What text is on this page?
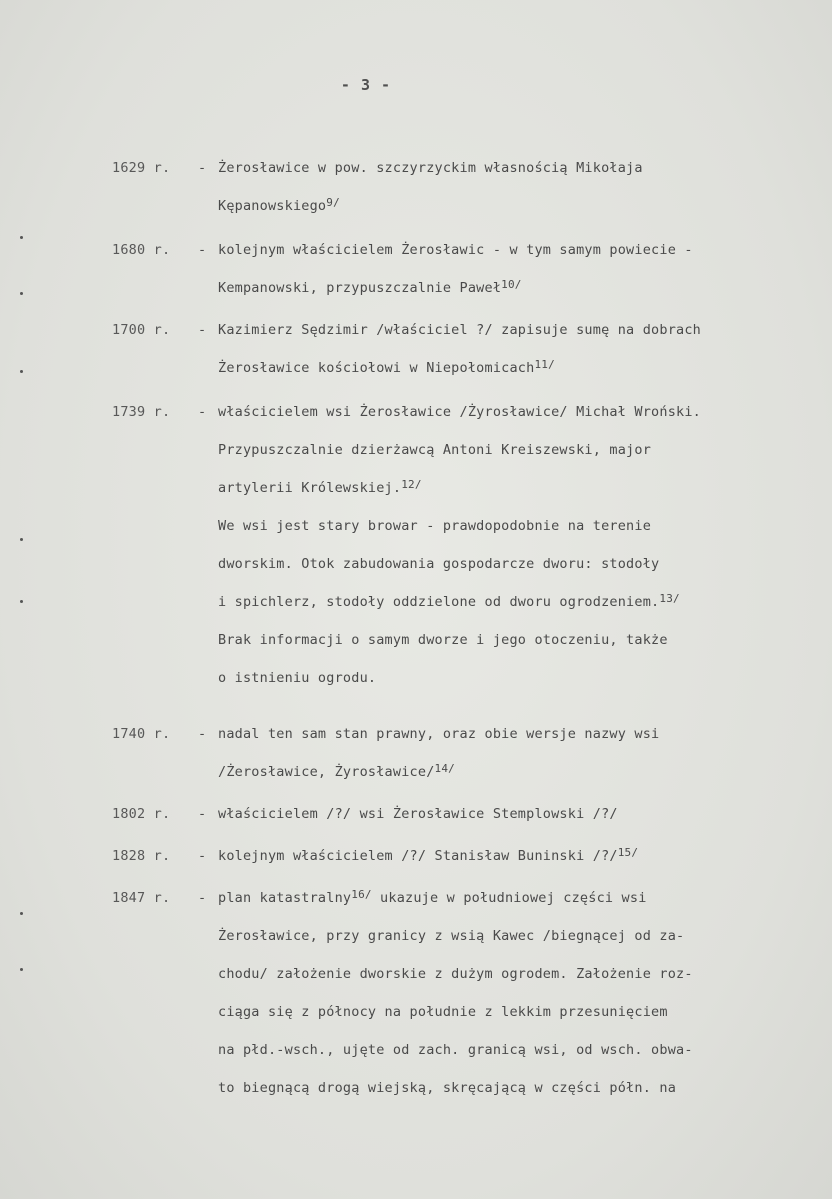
- 3 -
1629 r.	- Żerosławice w pow. szczyrzyckim własnością Mikołaja
Kępanowskiego$^{9/}$
1680 r.	- kolejnym właścicielem Żerosławic - w tym samym powiecie -
Kempanowski, przypuszczalnie Paweł$^{10/}$
1700 r.	- Kazimierz Sędzimir /właściciel ?/ zapisuje sumę na dobrach
Żerosławice kościołowi w Niepołomicach$^{11/}$
1739 r.	- właścicielem wsi Żerosławice /Żyrosławice/ Michał Wroński.
Przypuszczalnie dzierżawcą Antoni Kreiszewski, major
artylerii Królewskiej.$^{12/}$
We wsi jest stary browar - prawdopodobnie na terenie
dworskim. Otok zabudowania gospodarcze dworu: stodoły
i spichlerz, stodoły oddzielone od dworu ogrodzeniem.$^{13/}$
Brak informacji o samym dworze i jego otoczeniu, także
o istnieniu ogrodu.
1740 r.	- nadal ten sam stan prawny, oraz obie wersje nazwy wsi
/Żerosławice, Żyrosławice/$^{14/}$
1802 r.	- właścicielem /?/ wsi Żerosławice Stemplowski /?/
1828 r.	- kolejnym właścicielem /?/ Stanisław Buninski /?/$^{15/}$
1847 r.	- plan katastralny$^{16/}$ ukazuje w południowej części wsi
Żerosławice, przy granicy z wsią Kawec /biegnącej od za-
chodu/ założenie dworskie z dużym ogrodem. Założenie roz-
ciąga się z północy na południe z lekkim przesunięciem
na płd.-wsch., ujęte od zach. granicą wsi, od wsch. obwa-
to biegnącą drogą wiejską, skręcającą w części półn. na
